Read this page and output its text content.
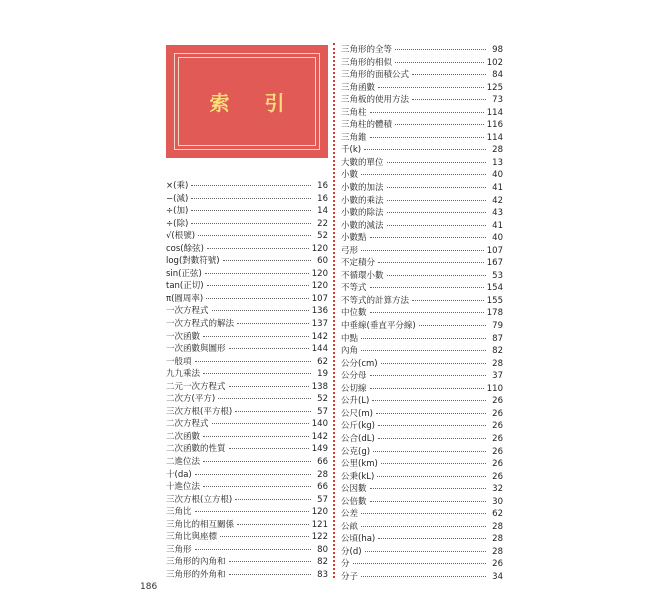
索 引
×(乘)	16
−(減)	16
÷(加)	14
÷(除)	22
√(根號)	52
cos(餘弦)	120
log(對數符號)	60
sin(正弦)	120
tan(正切)	120
π(圓周率)	107
一次方程式	136
一次方程式的解法	137
一次函數	142
一次函數與圖形	144
一般項	62
九九乘法	19
二元一次方程式	138
二次方(平方)	52
三次方根(平方根)	57
二次方程式	140
二次函數	142
二次函數的性質	149
二進位法	66
十(da)	28
十進位法	66
三次方根(立方根)	57
三角比	120
三角比的相互關係	121
三角比與座標	122
三角形	80
三角形的內角和	82
三角形的外角和	83
三角形的全等	98
三角形的相似	102
三角形的面積公式	84
三角函數	125
三角板的使用方法	73
三角柱	114
三角柱的體積	116
三角錐	114
千(k)	28
大數的單位	13
小數	40
小數的加法	41
小數的乘法	42
小數的除法	43
小數的減法	41
小數點	40
弓形	107
不定積分	167
不循環小數	53
不等式	154
不等式的計算方法	155
中位數	178
中垂線(垂直平分線)	79
中點	87
內角	82
公分(cm)	28
公分母	37
公切線	110
公升(L)	26
公尺(m)	26
公斤(kg)	26
公合(dL)	26
公克(g)	26
公里(km)	26
公秉(kL)	26
公因數	32
公倍數	30
公差	62
公畝	28
公頃(ha)	28
分(d)	28
分	26
分子	34
186
